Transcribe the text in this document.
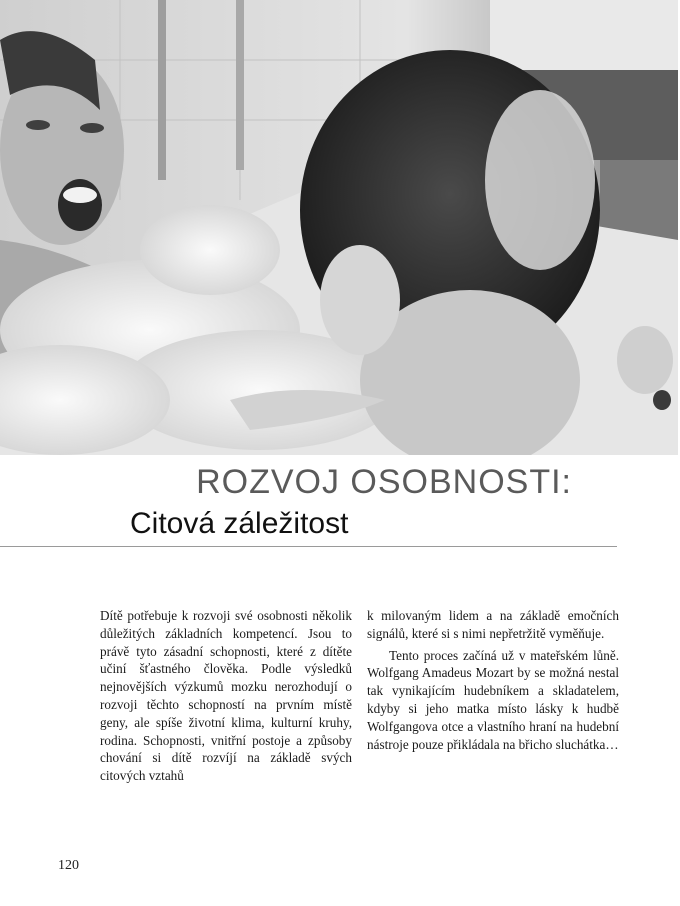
ROZVOJ OSOBNOSTI:
Citová záležitost

Dítě potřebuje k rozvoji své osobnosti několik důležitých základních kompetencí. Jsou to právě tyto zásadní schopnosti, které z dítěte učiní šťastného člověka. Podle výsledků nejnovějších výzkumů mozku nerozhodují o rozvoji těchto schopností na prvním místě geny, ale spíše životní klima, kulturní kruhy, rodina. Schopnosti, vnitřní postoje a způsoby chování si dítě rozvíjí na základě svých citových vztahů

k milovaným lidem a na základě emočních signálů, které si s nimi nepřetržitě vyměňuje.

Tento proces začíná už v mateřském lůně. Wolfgang Amadeus Mozart by se možná nestal tak vynikajícím hudebníkem a skladatelem, kdyby si jeho matka místo lásky k hudbě Wolfgangova otce a vlastního hraní na hudební nástroje pouze přikládala na břicho sluchátka…

120
